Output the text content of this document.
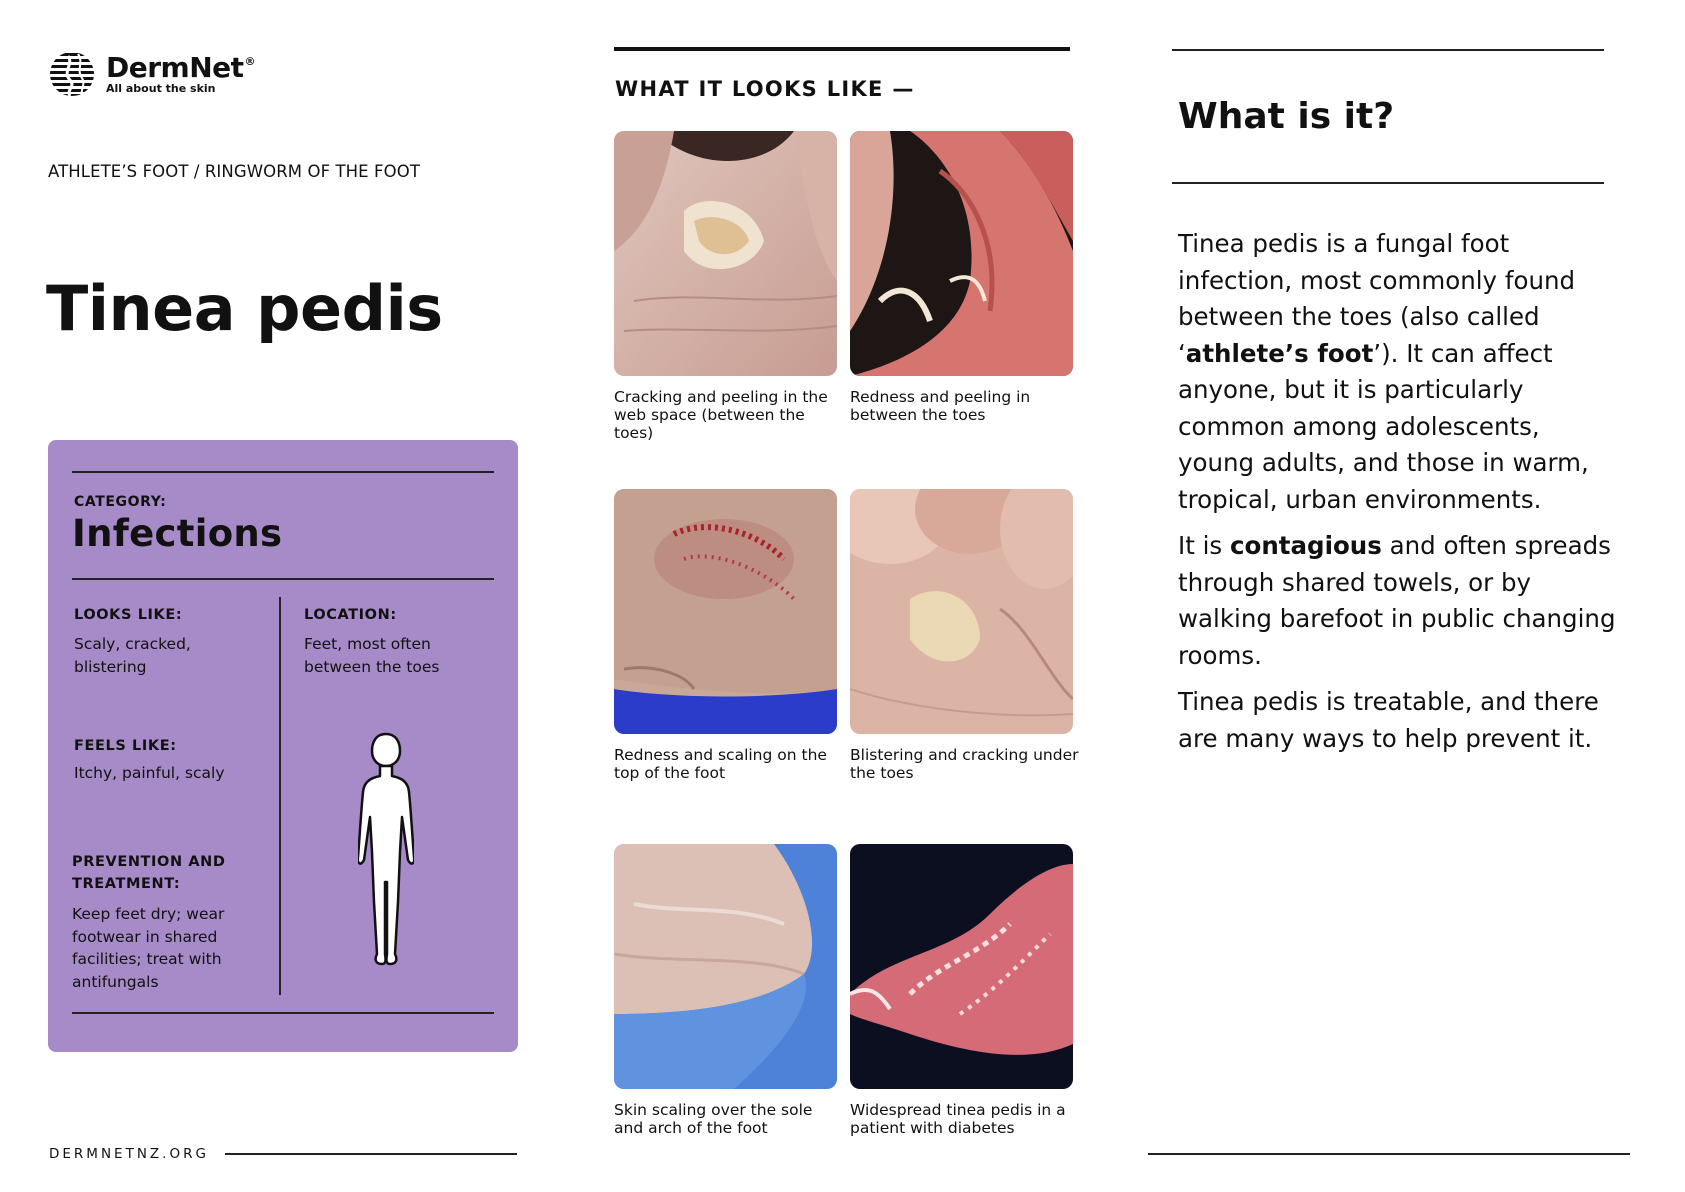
DermNet®
All about the skin
ATHLETE’S FOOT / RINGWORM OF THE FOOT
Tinea pedis
CATEGORY:
Infections
LOOKS LIKE:
Scaly, cracked, blistering
LOCATION:
Feet, most often between the toes
FEELS LIKE:
Itchy, painful, scaly
PREVENTION AND TREATMENT:
Keep feet dry; wear footwear in shared facilities; treat with antifungals
DERMNETNZ.ORG
WHAT IT LOOKS LIKE —
Cracking and peeling in the web space (between the toes)
Redness and peeling in between the toes
Redness and scaling on the top of the foot
Blistering and cracking under the toes
Skin scaling over the sole and arch of the foot
Widespread tinea pedis in a patient with diabetes
What is it?

Tinea pedis is a fungal foot infection, most commonly found between the toes (also called ‘athlete’s foot’). It can affect anyone, but it is particularly common among adolescents, young adults, and those in warm, tropical, urban environments.

It is contagious and often spreads through shared towels, or by walking barefoot in public changing rooms.

Tinea pedis is treatable, and there are many ways to help prevent it.
